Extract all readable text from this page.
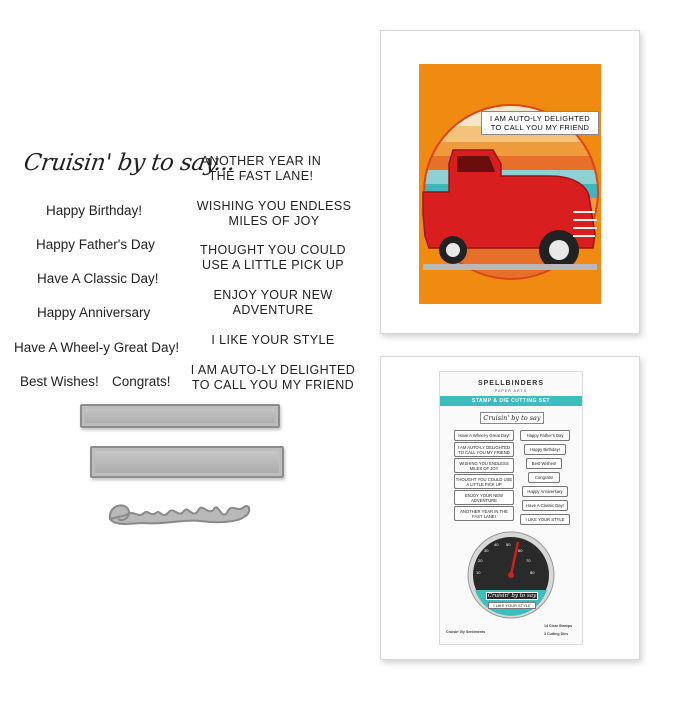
Cruisin' by to say...
Happy Birthday!
Happy Father's Day
Have A Classic Day!
Happy Anniversary
Have A Wheel-y Great Day!
Best Wishes! Congrats!
ANOTHER YEAR IN THE FAST LANE!
WISHING YOU ENDLESS MILES OF JOY
THOUGHT YOU COULD USE A LITTLE PICK UP
ENJOY YOUR NEW ADVENTURE
I LIKE YOUR STYLE
I AM AUTO-LY DELIGHTED TO CALL YOU MY FRIEND
I AM AUTO-LY DELIGHTED TO CALL YOU MY FRIEND
SPELLBINDERS
PAPER ARTS
STAMP & DIE CUTTING SET
Cruisin' by to say
Have A Wheel-y Great Day!
I AM AUTO-LY DELIGHTED TO CALL YOU MY FRIEND
WISHING YOU ENDLESS MILES OF JOY
THOUGHT YOU COULD USE A LITTLE PICK UP
ENJOY YOUR NEW ADVENTURE
ANOTHER YEAR IN THE FAST LANE!
Happy Father's Day
Happy Birthday!
Best Wishes!
Congrats!
Happy Anniversary
Have A Classic Day!
I LIKE YOUR STYLE
10
20
30
40 50
60
70
80
Cruisin' by to say
I LIKE YOUR STYLE
Cruisin' By Sentiments
14 Clear Stamps
3 Cutting Dies
